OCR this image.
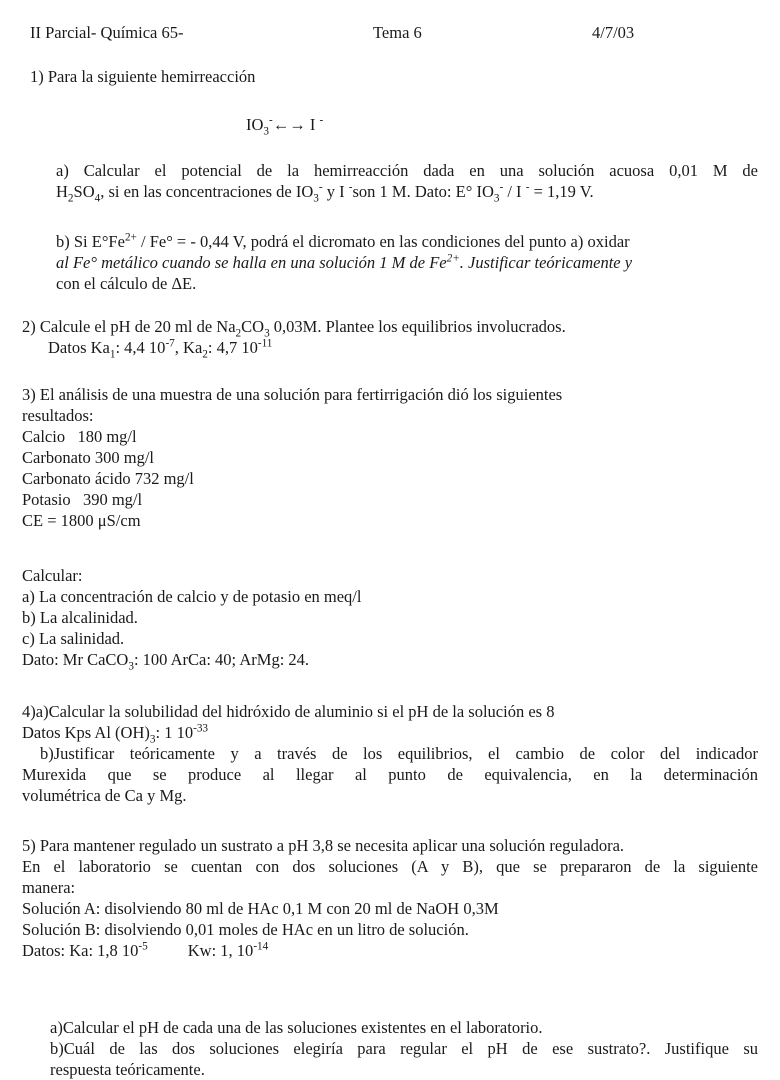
II Parcial- Química 65-	Tema 6	4/7/03
1) Para la siguiente hemirreacción
$IO_3^-\leftarrow\to I$ -
a) Calcular el potencial de la hemirreacción dada en una solución acuosa 0,01 M de
$H_2SO_4$, si en las concentraciones de $IO_3^-$ y I -son 1 M. Dato: E° $IO_3^-$ / I - = 1,19 V.
b) Si $E^\circ Fe^{2+} / Fe^\circ$ = - 0,44 V, podrá el dicromato en las condiciones del punto a) oxidar
al Fe° metálico cuando se halla en una solución 1 M de $Fe^{2+}$. Justificar teóricamente y
con el cálculo de ΔE.
2) Calcule el pH de 20 ml de $Na_2CO_3$ 0,03M. Plantee los equilibrios involucrados.
Datos $Ka_1$: 4,4 $10^{-7}$, $Ka_2$: 4,7 $10^{-11}$
3) El análisis de una muestra de una solución para fertirrigación dió los siguientes
resultados:
Calcio   180 mg/l
Carbonato 300 mg/l
Carbonato ácido 732 mg/l
Potasio   390 mg/l
CE = 1800 μS/cm
Calcular:
a) La concentración de calcio y de potasio en meq/l
b) La alcalinidad.
c) La salinidad.
Dato: Mr CaCO$_3$: 100 ArCa: 40; ArMg: 24.
4)a)Calcular la solubilidad del hidróxido de aluminio si el pH de la solución es 8
Datos Kps Al $(OH)_3$: 1 $10^{-33}$
b)Justificar teóricamente y a través de los equilibrios, el cambio de color del indicador
Murexida que se produce al llegar al punto de equivalencia, en la determinación
volumétrica de Ca y Mg.
5) Para mantener regulado un sustrato a pH 3,8 se necesita aplicar una solución reguladora.
En el laboratorio se cuentan con dos soluciones (A y B), que se prepararon de la siguiente
manera:
Solución A: disolviendo 80 ml de HAc 0,1 M con 20 ml de NaOH 0,3M
Solución B: disolviendo 0,01 moles de HAc en un litro de solución.
Datos: Ka: 1,8 $10^{-5}$ Kw: 1, $10^{-14}$
a)Calcular el pH de cada una de las soluciones existentes en el laboratorio.
b)Cuál de las dos soluciones elegiría para regular el pH de ese sustrato?. Justifique su
respuesta teóricamente.
